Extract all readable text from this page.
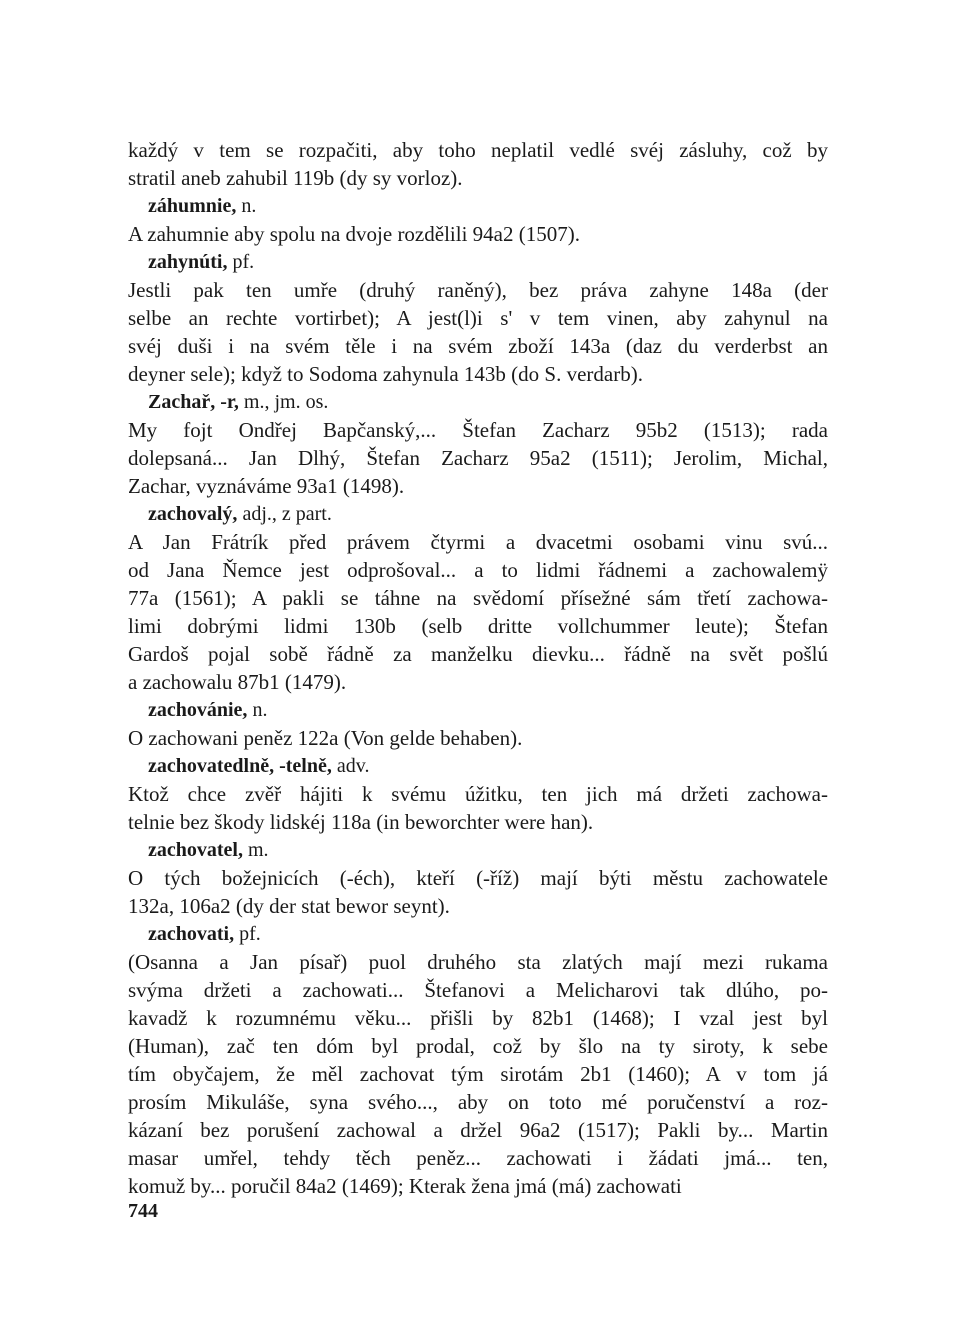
každý v tem se rozpačiti, aby toho neplatil vedlé svéj zásluhy, což by
stratil aneb zahubil 119b (dy sy vorloz).

záhumnie, n.

A zahumnie aby spolu na dvoje rozdělili 94a2 (1507).

zahynúti, pf.

Jestli pak ten umře (druhý raněný), bez práva zahyne 148a (der
selbe an rechte vortirbet); A jest(l)i s' v tem vinen, aby zahynul na
svéj duši i na svém těle i na svém zboží 143a (daz du verderbst an
deyner sele); když to Sodoma zahynula 143b (do S. verdarb).

Zachař, -r, m., jm. os.

My fojt Ondřej Bapčanský,... Štefan Zacharz 95b2 (1513); rada
dolepsaná... Jan Dlhý, Štefan Zacharz 95a2 (1511); Jerolim, Michal,
Zachar, vyznáváme 93a1 (1498).

zachovalý, adj., z part.

A Jan Frátrík před právem čtyrmi a dvacetmi osobami vinu svú...
od Jana Ňemce jest odprošoval... a to lidmi řádnemi a zachowalemÿ
77a (1561); A pakli se táhne na svědomí přísežné sám třetí zachowa-
limi dobrými lidmi 130b (selb dritte vollchummer leute); Štefan
Gardoš pojal sobě řádně za manželku dievku... řádně na svět pošlú
a zachowalu 87b1 (1479).

zachovánie, n.

O zachowani peněz 122a (Von gelde behaben).

zachovatedlně, -telně, adv.

Ktož chce zvěř hájiti k svému úžitku, ten jich má držeti zachowa-
telnie bez škody lidskéj 118a (in beworchter were han).

zachovatel, m.

O tých božejnicích (-éch), kteří (-říž) mají býti městu zachowatele
132a, 106a2 (dy der stat bewor seynt).

zachovati, pf.

(Osanna a Jan písař) puol druhého sta zlatých mají mezi rukama
svýma držeti a zachowati... Štefanovi a Melicharovi tak dlúho, po-
kavadž k rozumnému věku... přišli by 82b1 (1468); I vzal jest byl
(Human), zač ten dóm byl prodal, což by šlo na ty siroty, k sebe
tím obyčajem, že měl zachovat tým sirotám 2b1 (1460); A v tom já
prosím Mikuláše, syna svého..., aby on toto mé poručenství a roz-
kázaní bez porušení zachowal a držel 96a2 (1517); Pakli by... Martin
masar umřel, tehdy těch peněz... zachowati i žádati jmá... ten,
komuž by... poručil 84a2 (1469); Kterak žena jmá (má) zachowati
744
